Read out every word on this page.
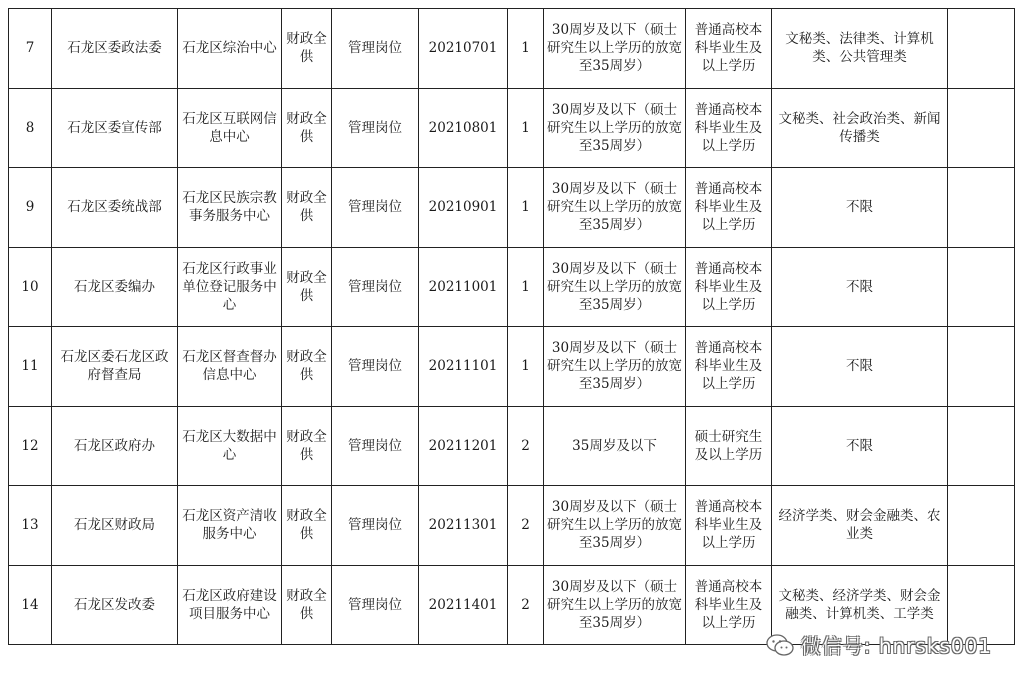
7	石龙区委政法委	石龙区综治中心	财政全供	管理岗位	20210701	1	30周岁及以下（硕士研究生以上学历的放宽至35周岁）	普通高校本科毕业生及以上学历	文秘类、法律类、计算机类、公共管理类	
8	石龙区委宣传部	石龙区互联网信息中心	财政全供	管理岗位	20210801	1	30周岁及以下（硕士研究生以上学历的放宽至35周岁）	普通高校本科毕业生及以上学历	文秘类、社会政治类、新闻传播类	
9	石龙区委统战部	石龙区民族宗教事务服务中心	财政全供	管理岗位	20210901	1	30周岁及以下（硕士研究生以上学历的放宽至35周岁）	普通高校本科毕业生及以上学历	不限	
10	石龙区委编办	石龙区行政事业单位登记服务中心	财政全供	管理岗位	20211001	1	30周岁及以下（硕士研究生以上学历的放宽至35周岁）	普通高校本科毕业生及以上学历	不限	
11	石龙区委石龙区政府督查局	石龙区督查督办信息中心	财政全供	管理岗位	20211101	1	30周岁及以下（硕士研究生以上学历的放宽至35周岁）	普通高校本科毕业生及以上学历	不限	
12	石龙区政府办	石龙区大数据中心	财政全供	管理岗位	20211201	2	35周岁及以下	硕士研究生及以上学历	不限	
13	石龙区财政局	石龙区资产清收服务中心	财政全供	管理岗位	20211301	2	30周岁及以下（硕士研究生以上学历的放宽至35周岁）	普通高校本科毕业生及以上学历	经济学类、财会金融类、农业类	
14	石龙区发改委	石龙区政府建设项目服务中心	财政全供	管理岗位	20211401	2	30周岁及以下（硕士研究生以上学历的放宽至35周岁）	普通高校本科毕业生及以上学历	文秘类、经济学类、财会金融类、计算机类、工学类	
微信号: hnrsks001
